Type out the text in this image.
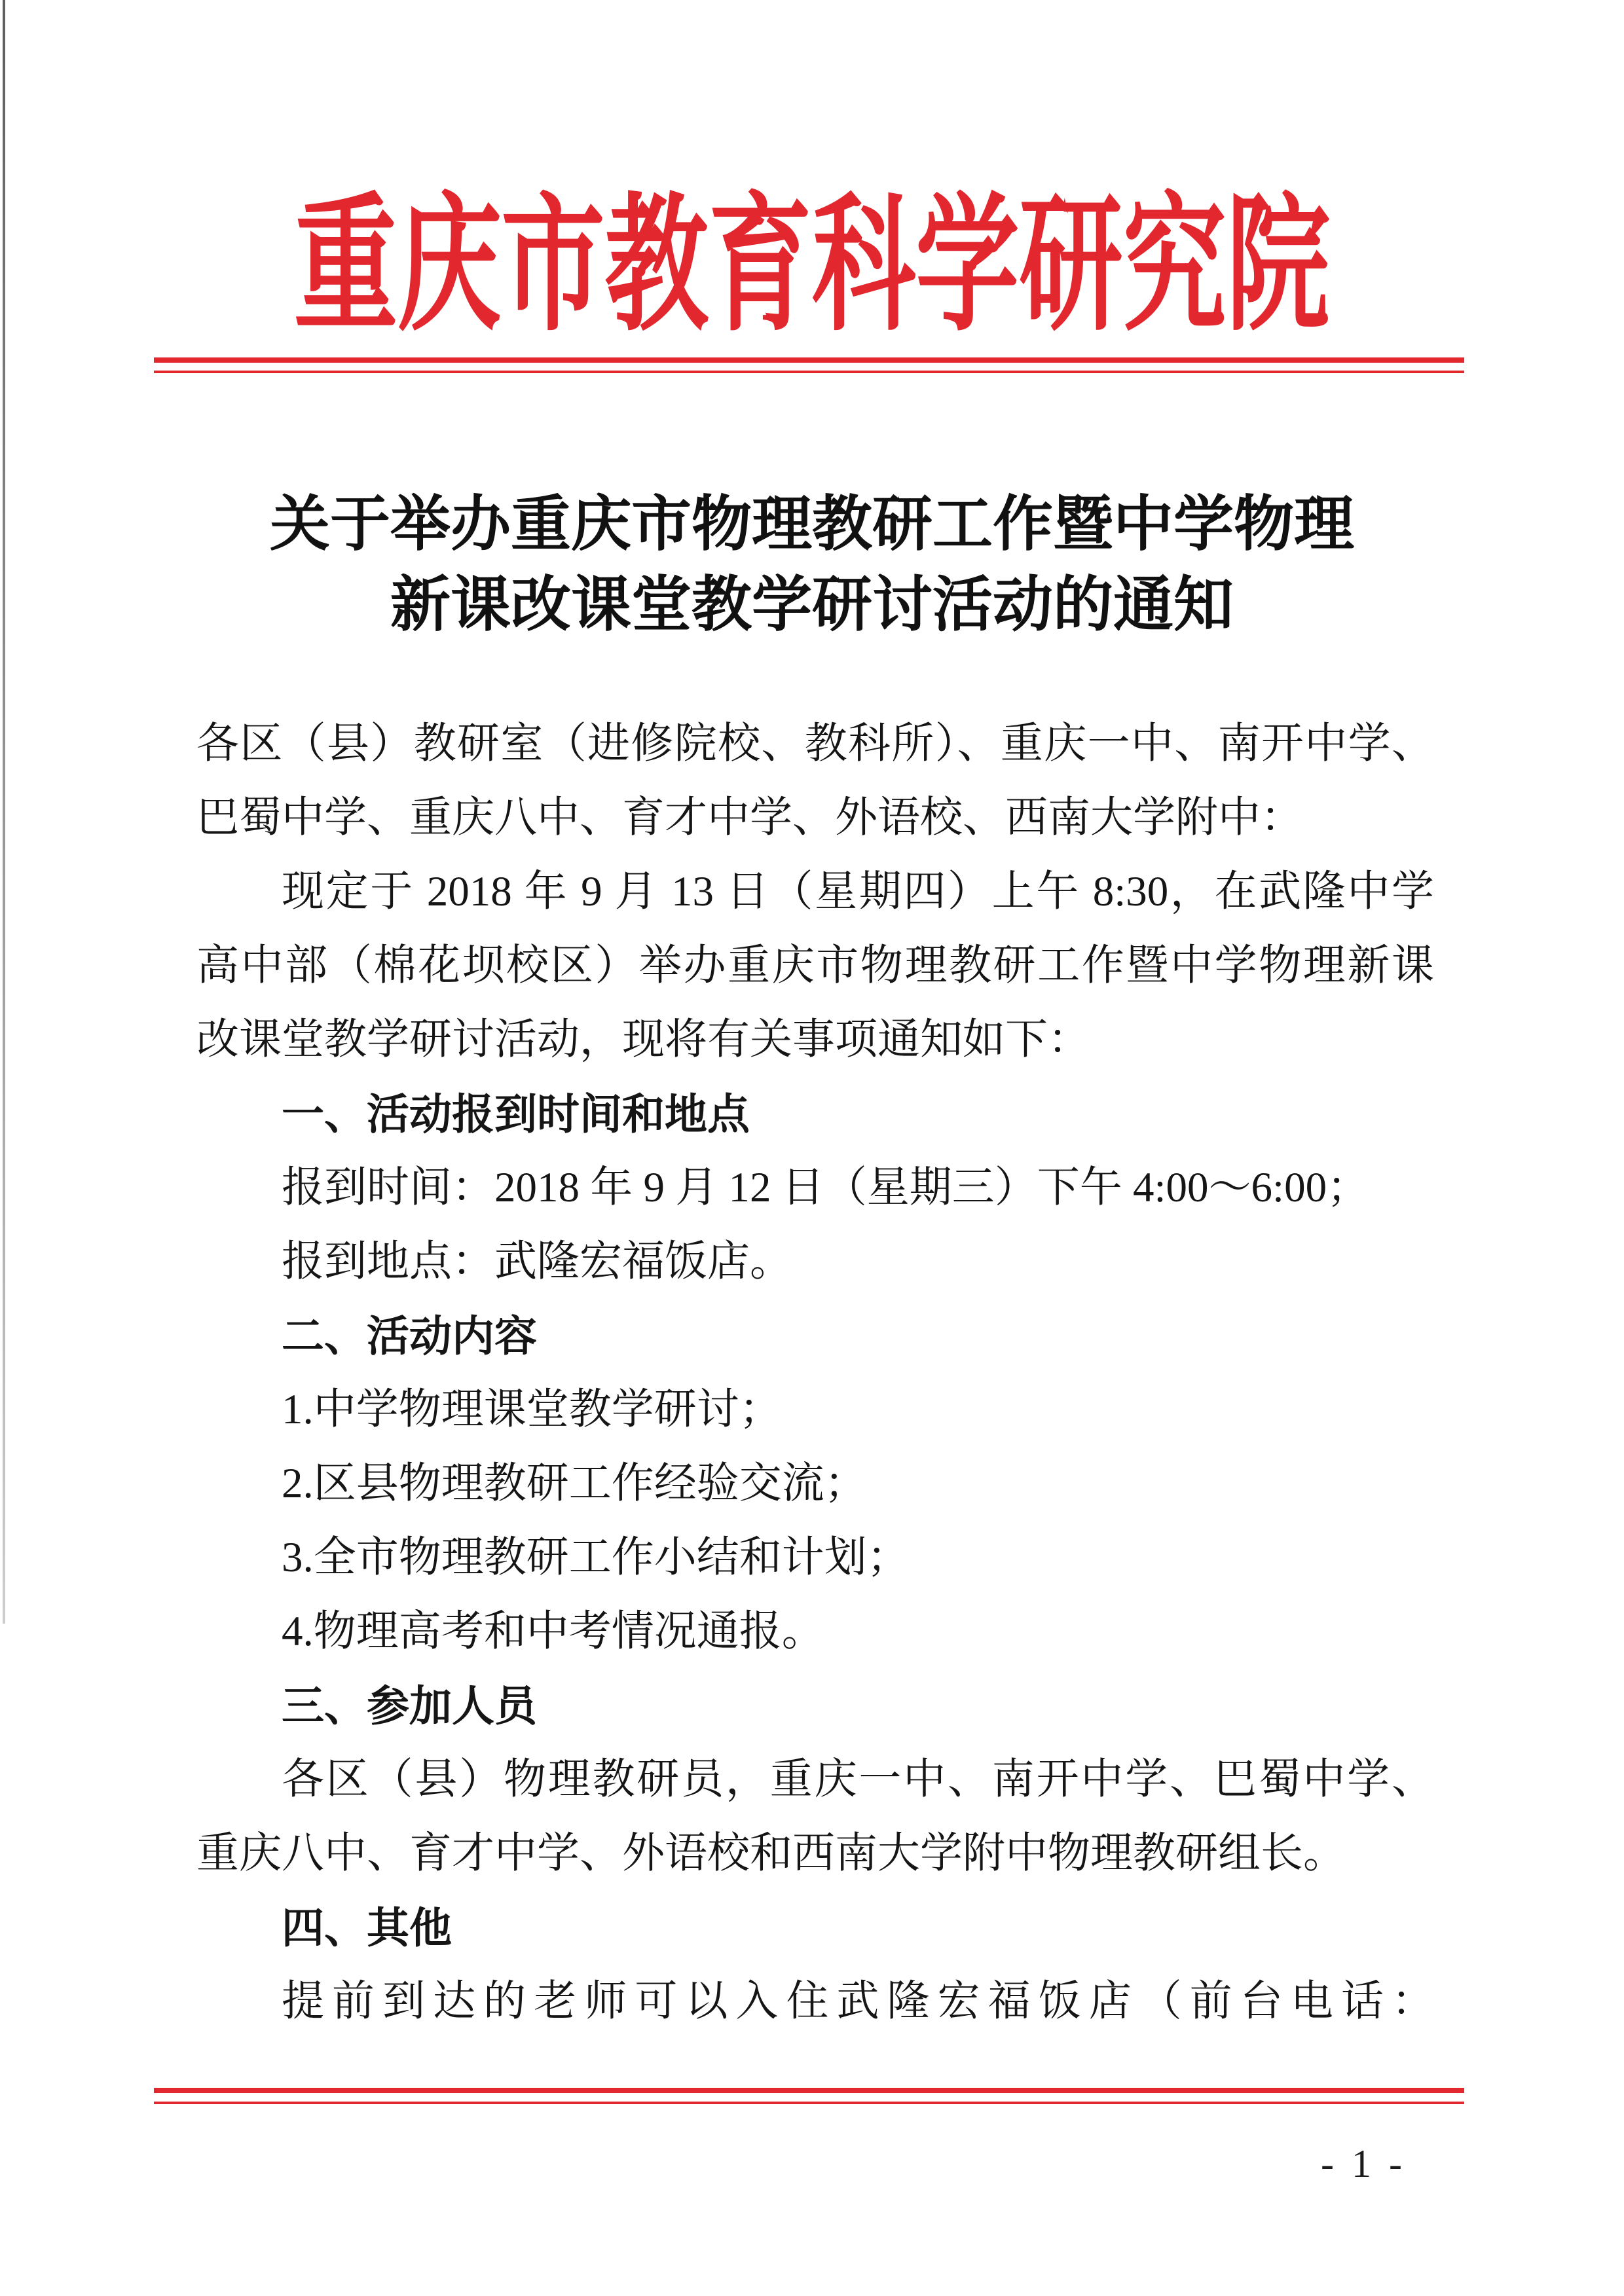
重庆市教育科学研究院
关于举办重庆市物理教研工作暨中学物理
新课改课堂教学研讨活动的通知
各区（县）教研室（进修院校、教科所）、重庆一中、南开中学、
巴蜀中学、重庆八中、育才中学、外语校、西南大学附中：
现定于 2018 年 9 月 13 日（星期四）上午 8:30，在武隆中学
高中部（棉花坝校区）举办重庆市物理教研工作暨中学物理新课
改课堂教学研讨活动，现将有关事项通知如下：
一、活动报到时间和地点
报到时间：2018 年 9 月 12 日（星期三）下午 4:00～6:00；
报到地点：武隆宏福饭店。
二、活动内容
1.中学物理课堂教学研讨；
2.区县物理教研工作经验交流；
3.全市物理教研工作小结和计划；
4.物理高考和中考情况通报。
三、参加人员
各区（县）物理教研员，重庆一中、南开中学、巴蜀中学、
重庆八中、育才中学、外语校和西南大学附中物理教研组长。
四、其他
提前到达的老师可以入住武隆宏福饭店（前台电话：
- 1 -
